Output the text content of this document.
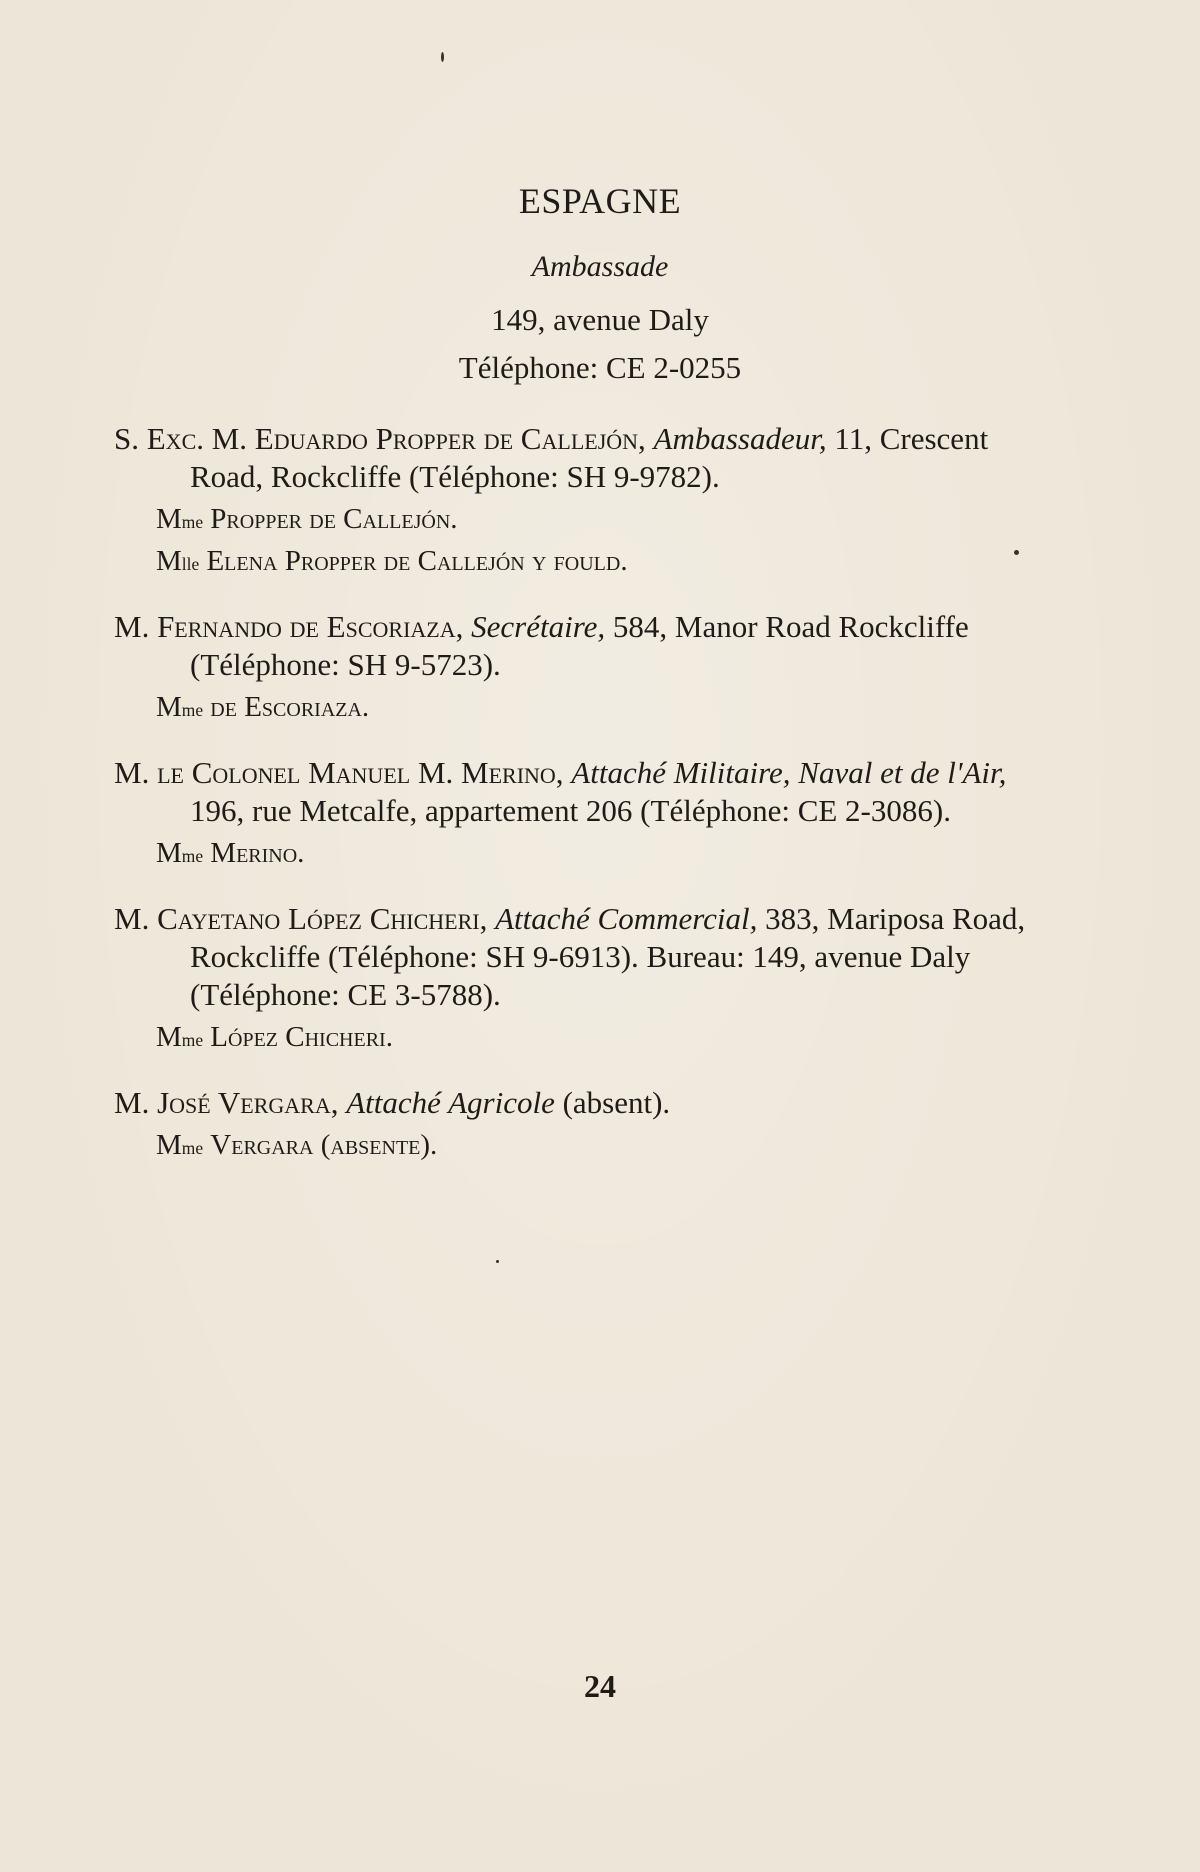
ESPAGNE
Ambassade
149, avenue Daly
Téléphone: CE 2-0255
S. Exc. M. Eduardo Propper de Callejón, Ambassadeur, 11, Crescent Road, Rockcliffe (Téléphone: SH 9-9782).
$M^{me}$ Propper de Callejón.
$M^{lle}$ Elena Propper de Callejón y fould.
M. Fernando de Escoriaza, Secrétaire, 584, Manor Road Rockcliffe (Téléphone: SH 9-5723).
$M^{me}$ de Escoriaza.
M. le Colonel Manuel M. Merino, Attaché Militaire, Naval et de l'Air, 196, rue Metcalfe, appartement 206 (Téléphone: CE 2-3086).
$M^{me}$ Merino.
M. Cayetano López Chicheri, Attaché Commercial, 383, Mariposa Road, Rockcliffe (Téléphone: SH 9-6913). Bureau: 149, avenue Daly (Téléphone: CE 3-5788).
$M^{me}$ López Chicheri.
M. José Vergara, Attaché Agricole (absent).
$M^{me}$ Vergara (absente).
24
